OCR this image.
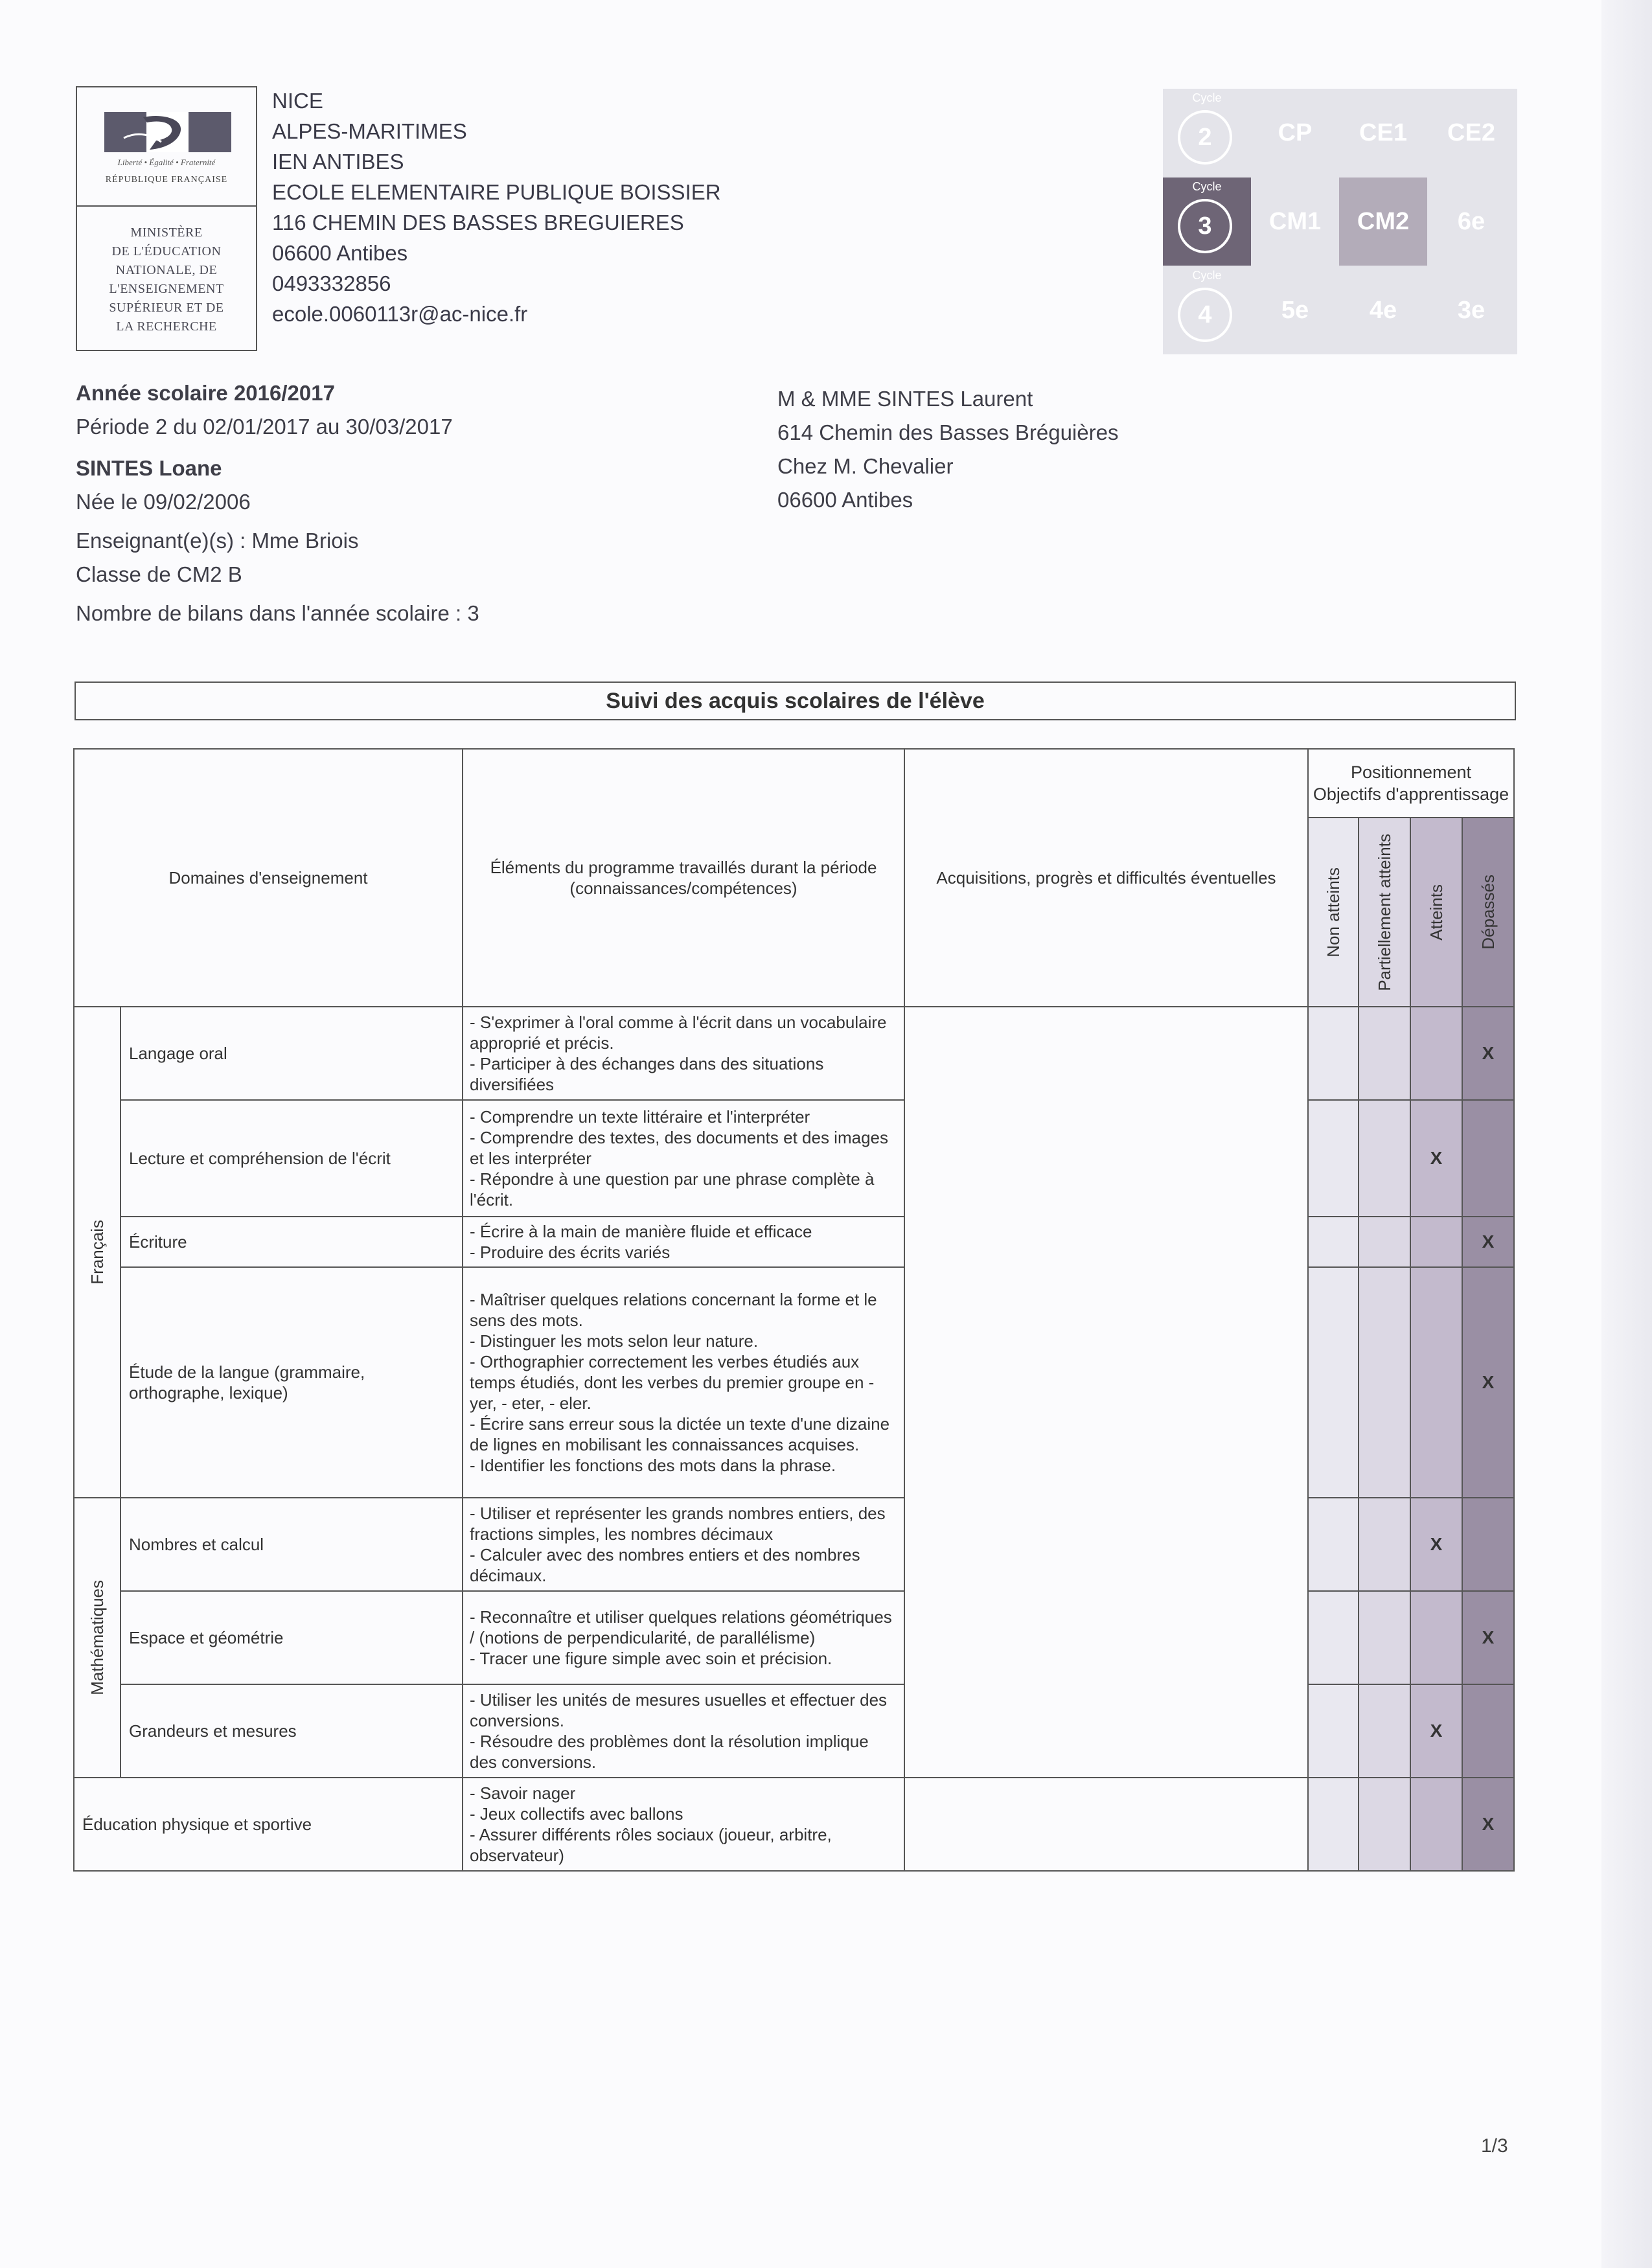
Liberté • Égalité • Fraternité
RÉPUBLIQUE FRANÇAISE
MINISTÈRE
DE L'ÉDUCATION
NATIONALE, DE
L'ENSEIGNEMENT
SUPÉRIEUR ET DE
LA RECHERCHE
NICE
ALPES-MARITIMES
IEN ANTIBES
ECOLE ELEMENTAIRE PUBLIQUE BOISSIER
116 CHEMIN DES BASSES BREGUIERES
06600 Antibes
0493332856
ecole.0060113r@ac-nice.fr
Cycle
2	CP	CE1	CE2
Cycle
3	CM1	CM2	6e
Cycle
4	5e	4e	3e
Année scolaire 2016/2017
Période 2 du 02/01/2017 au 30/03/2017
SINTES Loane
Née le 09/02/2006
Enseignant(e)(s) : Mme Briois
Classe de CM2 B
Nombre de bilans dans l'année scolaire : 3
M & MME SINTES Laurent
614 Chemin des Basses Bréguières
Chez M. Chevalier
06600 Antibes
Suivi des acquis scolaires de l'élève
Domaines d'enseignement		Éléments du programme travaillés durant la période (connaissances/compétences)	Acquisitions, progrès et difficultés éventuelles	Positionnement
Objectifs d'apprentissage			

				Non atteints	Partiellement atteints	Atteints	Dépassés

Français	Langage oral	- S'exprimer à l'oral comme à l'écrit dans un vocabulaire approprié et précis.
- Participer à des échanges dans des situations diversifiées					X
	Lecture et compréhension de l'écrit	- Comprendre un texte littéraire et l'interpréter
- Comprendre des textes, des documents et des images et les interpréter
- Répondre à une question par une phrase complète à l'écrit.				X	
	Écriture	- Écrire à la main de manière fluide et efficace
- Produire des écrits variés					X
	Étude de la langue (grammaire, orthographe, lexique)	- Maîtriser quelques relations concernant la forme et le sens des mots.
- Distinguer les mots selon leur nature.
- Orthographier correctement les verbes étudiés aux temps étudiés, dont les verbes du premier groupe en -yer, - eter, - eler.
- Écrire sans erreur sous la dictée un texte d'une dizaine de lignes en mobilisant les connaissances acquises.
- Identifier les fonctions des mots dans la phrase.					X

Mathématiques	Nombres et calcul	- Utiliser et représenter les grands nombres entiers, des fractions simples, les nombres décimaux
- Calculer avec des nombres entiers et des nombres décimaux.				X	
	Espace et géométrie	- Reconnaître et utiliser quelques relations géométriques / (notions de perpendicularité, de parallélisme)
- Tracer une figure simple avec soin et précision.					X
	Grandeurs et mesures	- Utiliser les unités de mesures usuelles et effectuer des conversions.
- Résoudre des problèmes dont la résolution implique des conversions.				X	
Éducation physique et sportive		- Savoir nager
- Jeux collectifs avec ballons
- Assurer différents rôles sociaux (joueur, arbitre, observateur)					X
1/3
